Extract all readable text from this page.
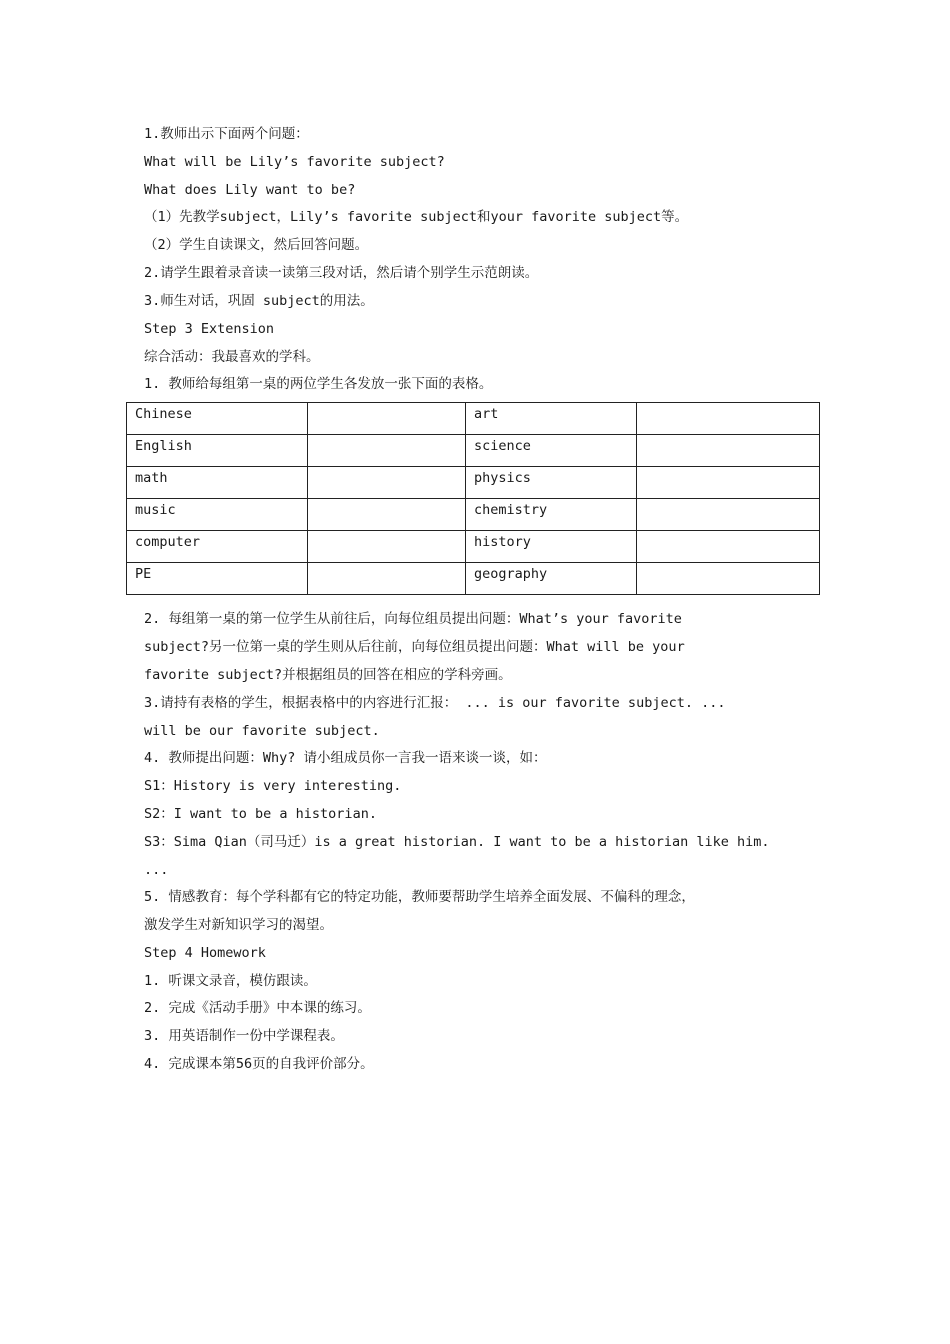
1.教师出示下面两个问题：
What will be Lily’s favorite subject?
What does Lily want to be?
（1）先教学subject，Lily’s favorite subject和your favorite subject等。
（2）学生自读课文，然后回答问题。
2.请学生跟着录音读一读第三段对话，然后请个别学生示范朗读。
3.师生对话，巩固 subject的用法。
Step 3 Extension
综合活动：我最喜欢的学科。
1. 教师给每组第一桌的两位学生各发放一张下面的表格。
Chinese		art	
English		science	
math		physics	
music		chemistry	
computer		history	
PE		geography	
2. 每组第一桌的第一位学生从前往后，向每位组员提出问题：What’s your favorite
subject?另一位第一桌的学生则从后往前，向每位组员提出问题：What will be your
favorite subject?并根据组员的回答在相应的学科旁画。
3.请持有表格的学生，根据表格中的内容进行汇报： ... is our favorite subject. ...
will be our favorite subject.
4. 教师提出问题：Why? 请小组成员你一言我一语来谈一谈，如：
S1：History is very interesting.
S2：I want to be a historian.
S3：Sima Qian（司马迁）is a great historian. I want to be a historian like him.
...
5. 情感教育：每个学科都有它的特定功能，教师要帮助学生培养全面发展、不偏科的理念，
激发学生对新知识学习的渴望。
Step 4 Homework
1. 听课文录音，模仿跟读。
2. 完成《活动手册》中本课的练习。
3. 用英语制作一份中学课程表。
4. 完成课本第56页的自我评价部分。
